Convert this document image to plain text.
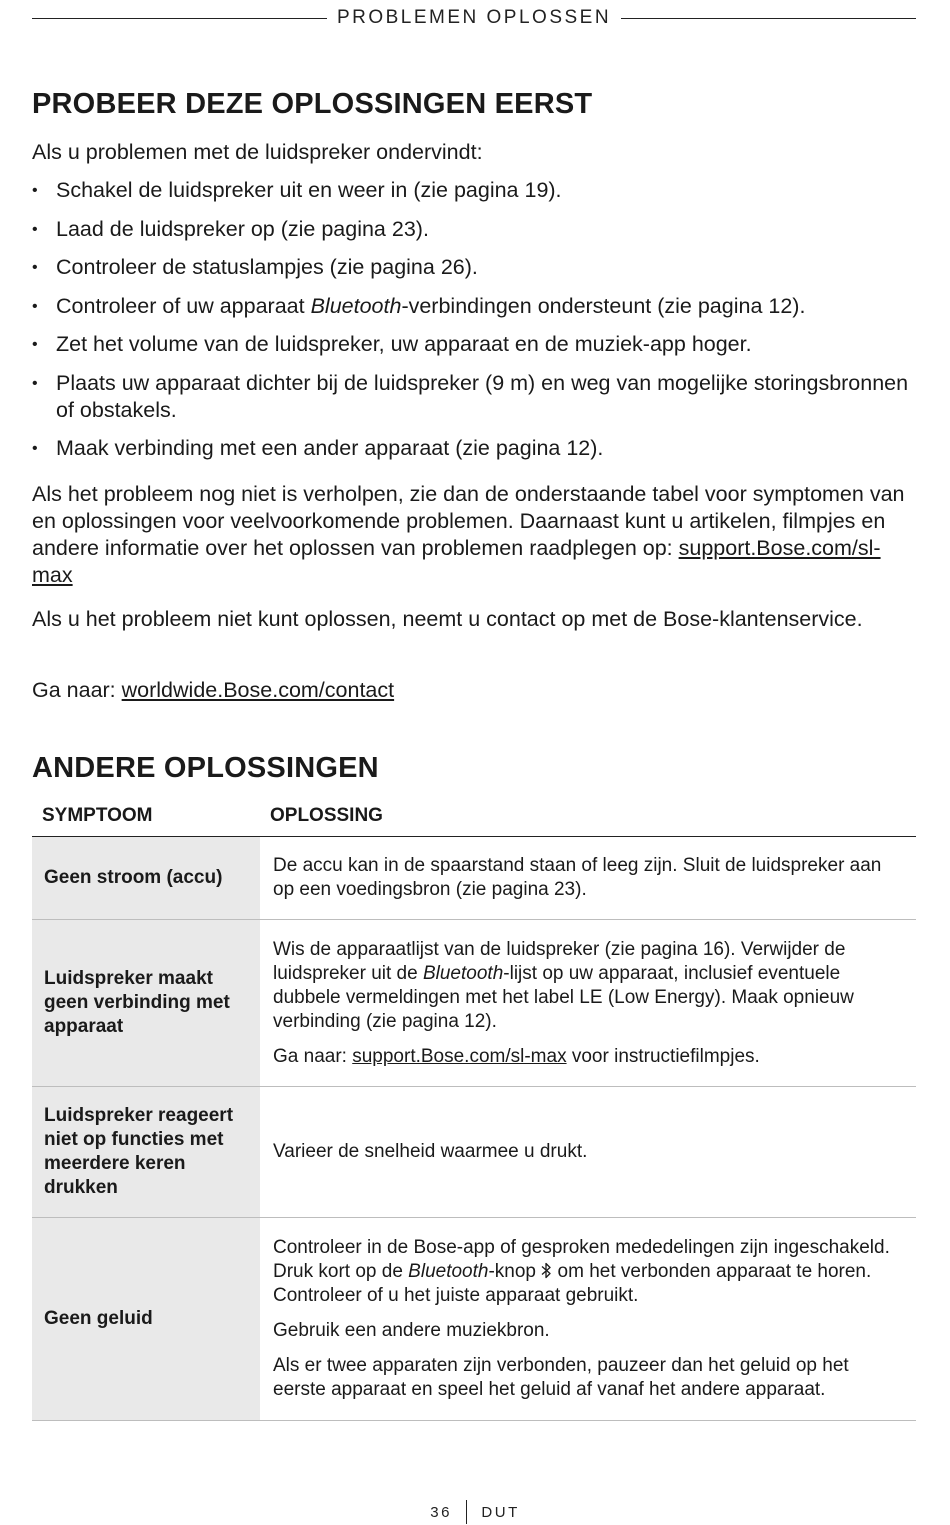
PROBLEMEN OPLOSSEN
PROBEER DEZE OPLOSSINGEN EERST

Als u problemen met de luidspreker ondervindt:

• Schakel de luidspreker uit en weer in (zie pagina 19).
• Laad de luidspreker op (zie pagina 23).
• Controleer de statuslampjes (zie pagina 26).
• Controleer of uw apparaat Bluetooth-verbindingen ondersteunt (zie pagina 12).
• Zet het volume van de luidspreker, uw apparaat en de muziek-app hoger.
• Plaats uw apparaat dichter bij de luidspreker (9 m) en weg van mogelijke storingsbronnen of obstakels.
• Maak verbinding met een ander apparaat (zie pagina 12).

Als het probleem nog niet is verholpen, zie dan de onderstaande tabel voor symptomen van en oplossingen voor veelvoorkomende problemen. Daarnaast kunt u artikelen, filmpjes en andere informatie over het oplossen van problemen raadplegen op: support.Bose.com/sl-max

Als u het probleem niet kunt oplossen, neemt u contact op met de Bose-klantenservice.

Ga naar: worldwide.Bose.com/contact

ANDERE OPLOSSINGEN
SYMPTOOM	OPLOSSING
Geen stroom (accu)

De accu kan in de spaarstand staan of leeg zijn. Sluit de luidspreker aan op een voedingsbron (zie pagina 23).

Luidspreker maakt geen verbinding met apparaat

Wis de apparaatlijst van de luidspreker (zie pagina 16). Verwijder de luidspreker uit de Bluetooth-lijst op uw apparaat, inclusief eventuele dubbele vermeldingen met het label LE (Low Energy). Maak opnieuw verbinding (zie pagina 12).

Ga naar: support.Bose.com/sl-max voor instructiefilmpjes.

Luidspreker reageert niet op functies met meerdere keren drukken

Varieer de snelheid waarmee u drukt.

Geen geluid

Controleer in de Bose-app of gesproken mededelingen zijn ingeschakeld. Druk kort op de Bluetooth-knop  om het verbonden apparaat te horen. Controleer of u het juiste apparaat gebruikt.

Gebruik een andere muziekbron.

Als er twee apparaten zijn verbonden, pauzeer dan het geluid op het eerste apparaat en speel het geluid af vanaf het andere apparaat.

36 DUT
